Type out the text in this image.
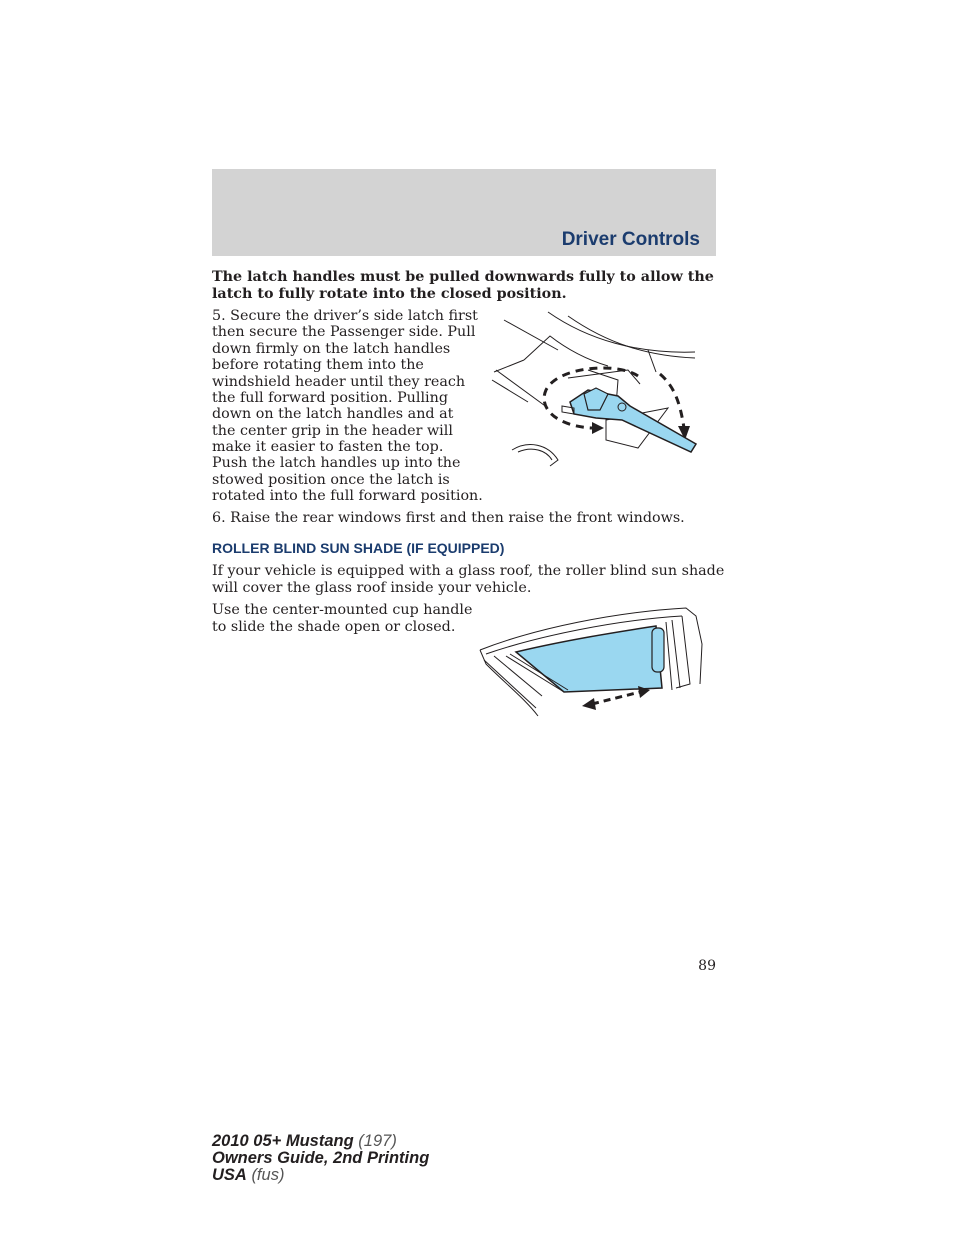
Driver Controls

The latch handles must be pulled downwards fully to allow the

latch to fully rotate into the closed position.

5. Secure the driver’s side latch first

then secure the Passenger side. Pull

down firmly on the latch handles

before rotating them into the

windshield header until they reach

the full forward position. Pulling

down on the latch handles and at

the center grip in the header will

make it easier to fasten the top.

Push the latch handles up into the

stowed position once the latch is

rotated into the full forward position.

6. Raise the rear windows first and then raise the front windows.

ROLLER BLIND SUN SHADE (IF EQUIPPED)

If your vehicle is equipped with a glass roof, the roller blind sun shade

will cover the glass roof inside your vehicle.

Use the center-mounted cup handle

to slide the shade open or closed.

89
2010 05+ Mustang (197)
Owners Guide, 2nd Printing
USA (fus)
